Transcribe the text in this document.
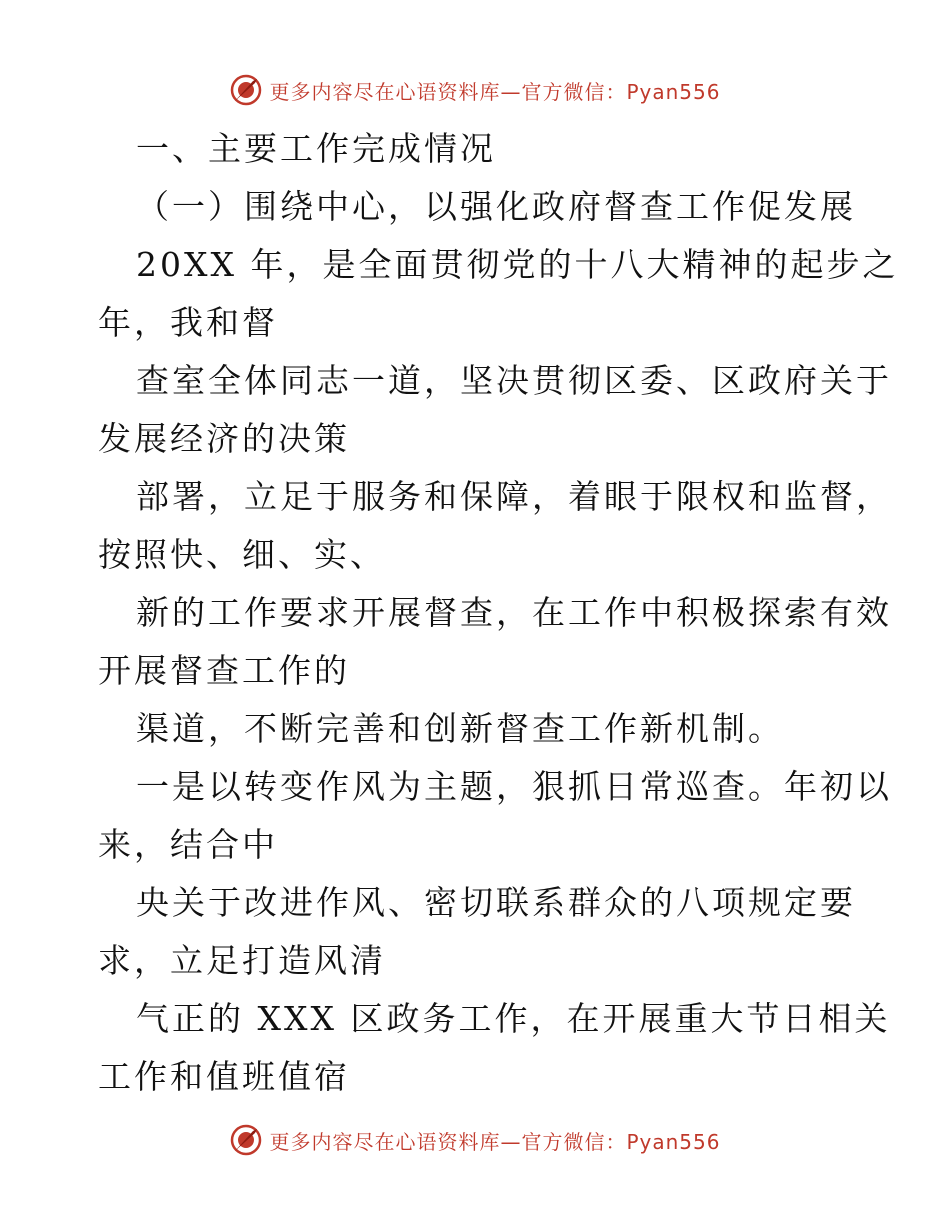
更多内容尽在心语资料库—官方微信：Pyan556
一、主要工作完成情况
（一）围绕中心，以强化政府督查工作促发展
20XX 年，是全面贯彻党的十八大精神的起步之
年，我和督
查室全体同志一道，坚决贯彻区委、区政府关于
发展经济的决策
部署，立足于服务和保障，着眼于限权和监督，
按照快、细、实、
新的工作要求开展督查，在工作中积极探索有效
开展督查工作的
渠道，不断完善和创新督查工作新机制。
一是以转变作风为主题，狠抓日常巡查。年初以
来，结合中
央关于改进作风、密切联系群众的八项规定要
求，立足打造风清
气正的 XXX 区政务工作，在开展重大节日相关
工作和值班值宿
更多内容尽在心语资料库—官方微信：Pyan556
